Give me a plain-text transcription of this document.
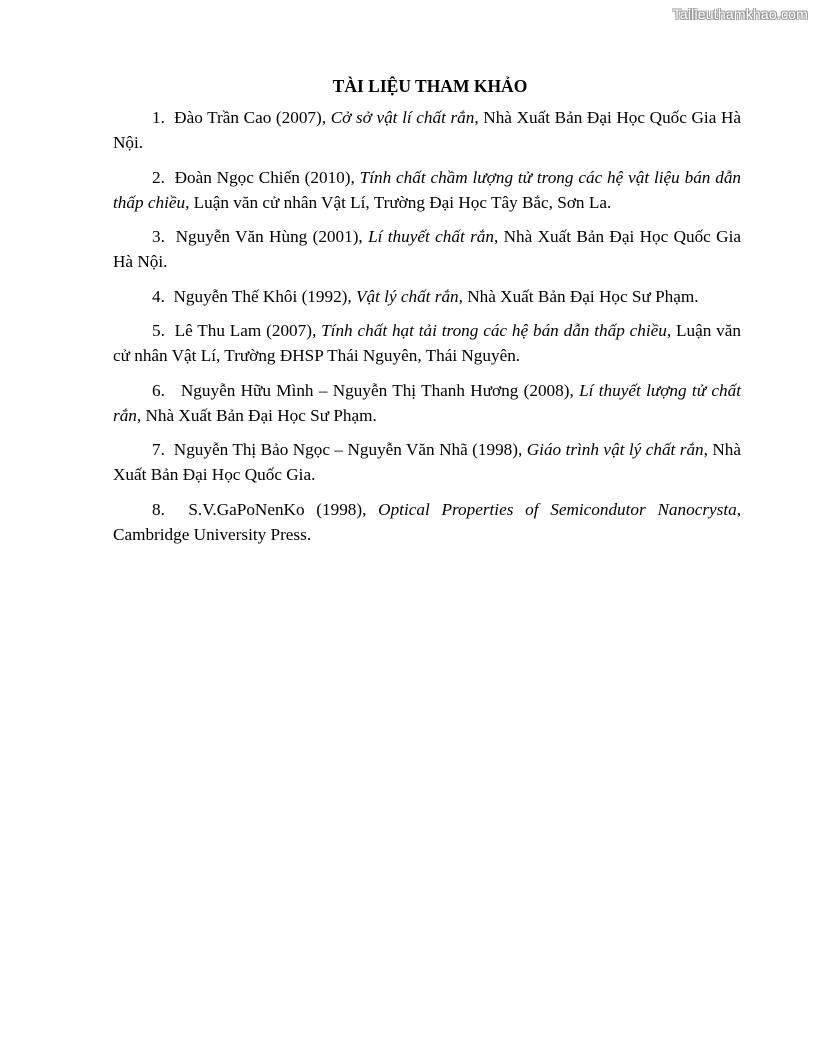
Tailieuthamkhao.com
TÀI LIỆU THAM KHẢO
1. Đào Trần Cao (2007), Cở sở vật lí chất rắn, Nhà Xuất Bản Đại Học Quốc Gia Hà Nội.
2. Đoàn Ngọc Chiến (2010), Tính chất chầm lượng tử trong các hệ vật liệu bán dẫn thấp chiều, Luận văn cử nhân Vật Lí, Trường Đại Học Tây Bắc, Sơn La.
3. Nguyễn Văn Hùng (2001), Lí thuyết chất rắn, Nhà Xuất Bản Đại Học Quốc Gia Hà Nội.
4. Nguyễn Thế Khôi (1992), Vật lý chất rắn, Nhà Xuất Bản Đại Học Sư Phạm.
5. Lê Thu Lam (2007), Tính chất hạt tải trong các hệ bán dẫn thấp chiều, Luận văn cử nhân Vật Lí, Trường ĐHSP Thái Nguyên, Thái Nguyên.
6.   Nguyễn Hữu Mình – Nguyễn Thị Thanh Hương (2008), Lí thuyết lượng tử chất rắn, Nhà Xuất Bản Đại Học Sư Phạm.
7. Nguyễn Thị Bảo Ngọc – Nguyễn Văn Nhã (1998), Giáo trình vật lý chất rắn, Nhà Xuất Bản Đại Học Quốc Gia.
8. S.V.GaPoNenKo (1998), Optical Properties of Semicondutor Nanocrysta, Cambridge University Press.
